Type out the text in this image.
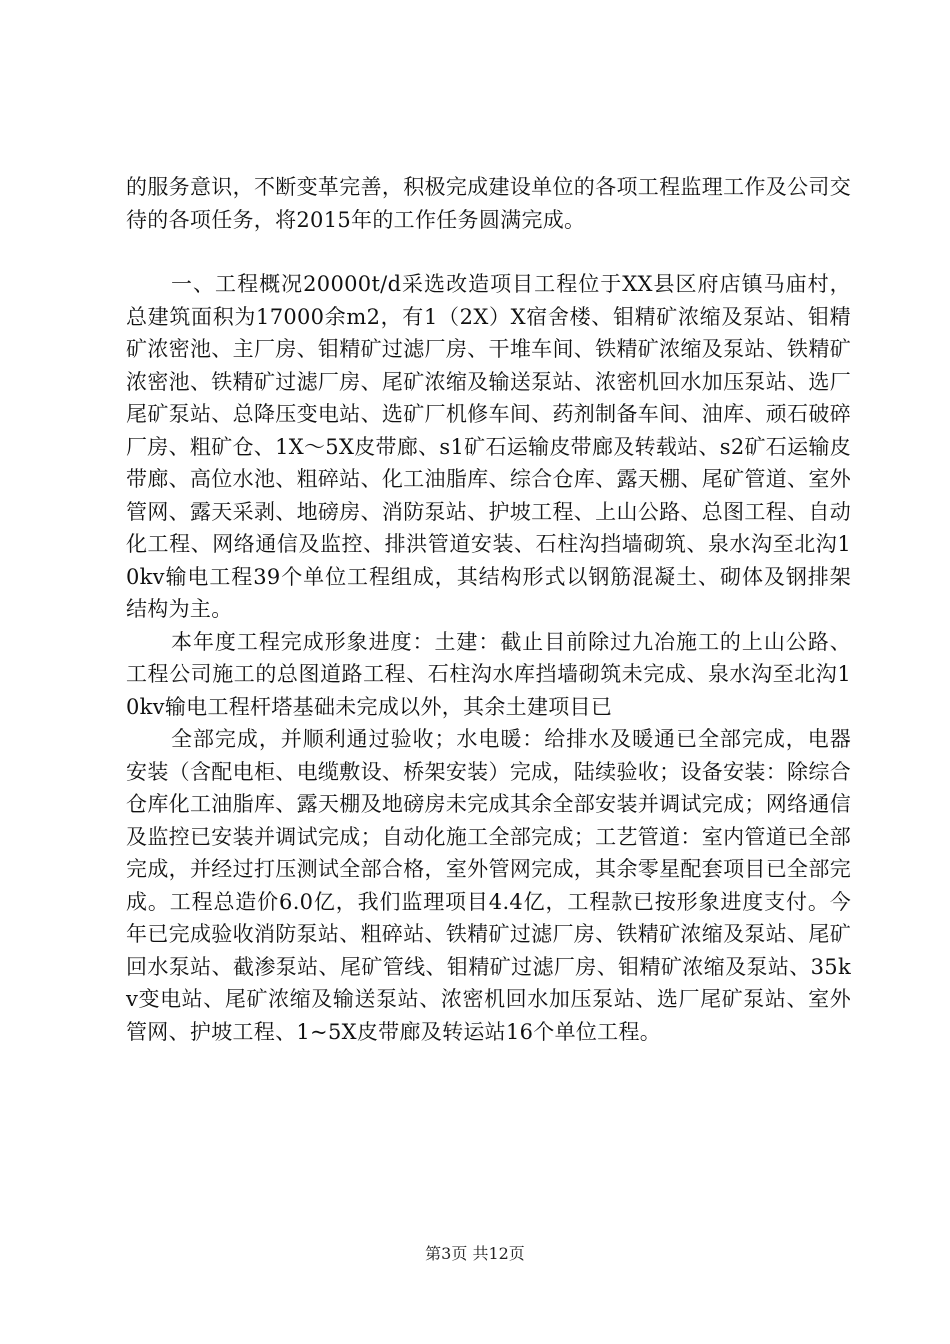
的服务意识，不断变革完善，积极完成建设单位的各项工程监理工作及公司交待的各项任务，将2015年的工作任务圆满完成。

一、工程概况20000t/d采选改造项目工程位于XX县区府店镇马庙村，总建筑面积为17000余m2，有1（2X）X宿舍楼、钼精矿浓缩及泵站、钼精矿浓密池、主厂房、钼精矿过滤厂房、干堆车间、铁精矿浓缩及泵站、铁精矿浓密池、铁精矿过滤厂房、尾矿浓缩及输送泵站、浓密机回水加压泵站、选厂尾矿泵站、总降压变电站、选矿厂机修车间、药剂制备车间、油库、顽石破碎厂房、粗矿仓、1X～5X皮带廊、s1矿石运输皮带廊及转载站、s2矿石运输皮带廊、高位水池、粗碎站、化工油脂库、综合仓库、露天棚、尾矿管道、室外管网、露天采剥、地磅房、消防泵站、护坡工程、上山公路、总图工程、自动化工程、网络通信及监控、排洪管道安装、石柱沟挡墙砌筑、泉水沟至北沟10kv输电工程39个单位工程组成，其结构形式以钢筋混凝土、砌体及钢排架结构为主。

本年度工程完成形象进度：土建：截止目前除过九冶施工的上山公路、工程公司施工的总图道路工程、石柱沟水库挡墙砌筑未完成、泉水沟至北沟10kv输电工程杆塔基础未完成以外，其余土建项目已

全部完成，并顺利通过验收；水电暖：给排水及暖通已全部完成，电器安装（含配电柜、电缆敷设、桥架安装）完成，陆续验收；设备安装：除综合仓库化工油脂库、露天棚及地磅房未完成其余全部安装并调试完成；网络通信及监控已安装并调试完成；自动化施工全部完成；工艺管道：室内管道已全部完成，并经过打压测试全部合格，室外管网完成，其余零星配套项目已全部完成。工程总造价6.0亿，我们监理项目4.4亿，工程款已按形象进度支付。今年已完成验收消防泵站、粗碎站、铁精矿过滤厂房、铁精矿浓缩及泵站、尾矿回水泵站、截渗泵站、尾矿管线、钼精矿过滤厂房、钼精矿浓缩及泵站、35kv变电站、尾矿浓缩及输送泵站、浓密机回水加压泵站、选厂尾矿泵站、室外管网、护坡工程、1~5X皮带廊及转运站16个单位工程。

第3页 共12页
